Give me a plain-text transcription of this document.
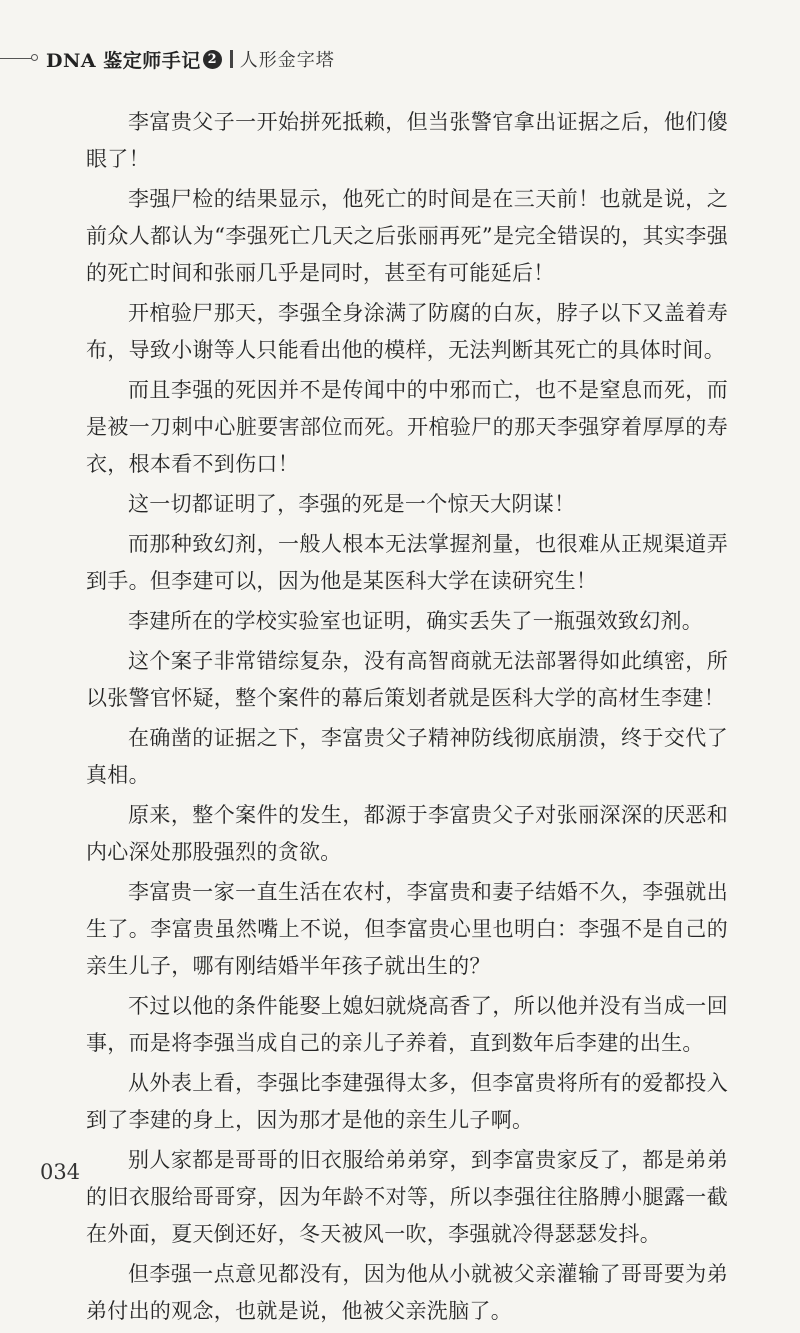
DNA 鉴定师手记 2 人形金字塔

李富贵父子一开始拼死抵赖，但当张警官拿出证据之后，他们傻眼了！

李强尸检的结果显示，他死亡的时间是在三天前！也就是说，之前众人都认为“李强死亡几天之后张丽再死”是完全错误的，其实李强的死亡时间和张丽几乎是同时，甚至有可能延后！

开棺验尸那天，李强全身涂满了防腐的白灰，脖子以下又盖着寿布，导致小谢等人只能看出他的模样，无法判断其死亡的具体时间。

而且李强的死因并不是传闻中的中邪而亡，也不是窒息而死，而是被一刀刺中心脏要害部位而死。开棺验尸的那天李强穿着厚厚的寿衣，根本看不到伤口！

这一切都证明了，李强的死是一个惊天大阴谋！

而那种致幻剂，一般人根本无法掌握剂量，也很难从正规渠道弄到手。但李建可以，因为他是某医科大学在读研究生！

李建所在的学校实验室也证明，确实丢失了一瓶强效致幻剂。

这个案子非常错综复杂，没有高智商就无法部署得如此缜密，所以张警官怀疑，整个案件的幕后策划者就是医科大学的高材生李建！

在确凿的证据之下，李富贵父子精神防线彻底崩溃，终于交代了真相。

原来，整个案件的发生，都源于李富贵父子对张丽深深的厌恶和内心深处那股强烈的贪欲。

李富贵一家一直生活在农村，李富贵和妻子结婚不久，李强就出生了。李富贵虽然嘴上不说，但李富贵心里也明白：李强不是自己的亲生儿子，哪有刚结婚半年孩子就出生的？

不过以他的条件能娶上媳妇就烧高香了，所以他并没有当成一回事，而是将李强当成自己的亲儿子养着，直到数年后李建的出生。

从外表上看，李强比李建强得太多，但李富贵将所有的爱都投入到了李建的身上，因为那才是他的亲生儿子啊。

别人家都是哥哥的旧衣服给弟弟穿，到李富贵家反了，都是弟弟的旧衣服给哥哥穿，因为年龄不对等，所以李强往往胳膊小腿露一截在外面，夏天倒还好，冬天被风一吹，李强就冷得瑟瑟发抖。

但李强一点意见都没有，因为他从小就被父亲灌输了哥哥要为弟弟付出的观念，也就是说，他被父亲洗脑了。

034
